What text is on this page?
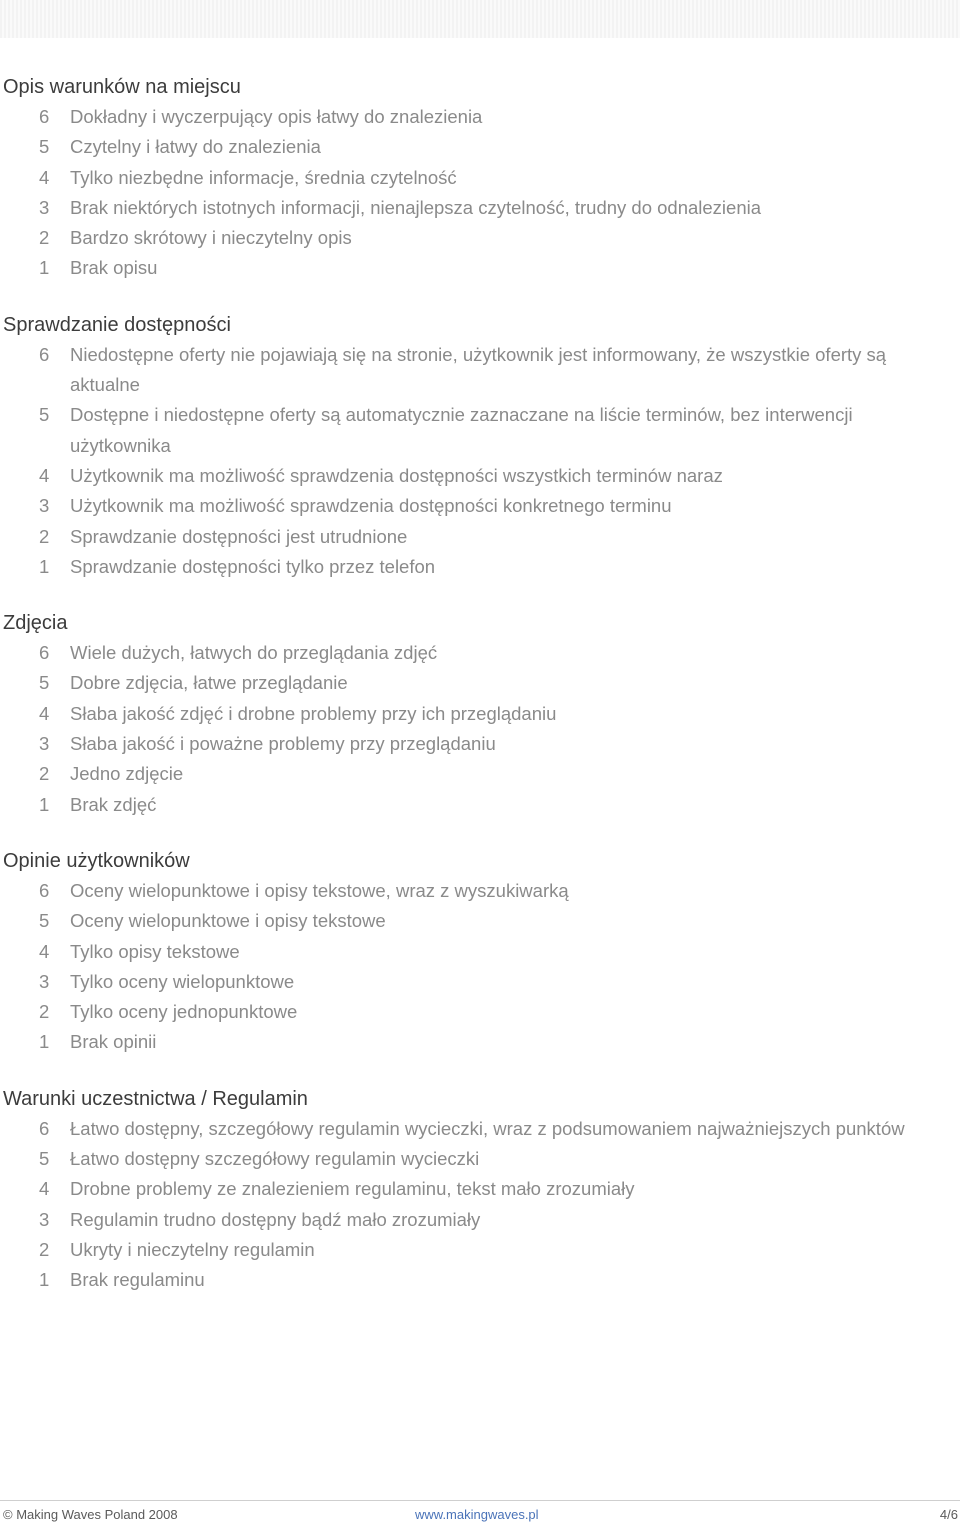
Opis warunków na miejscu
6	Dokładny i wyczerpujący opis łatwy do znalezienia
5	Czytelny i łatwy do znalezienia
4	Tylko niezbędne informacje, średnia czytelność
3	Brak niektórych istotnych informacji, nienajlepsza czytelność, trudny do odnalezienia
2	Bardzo skrótowy i nieczytelny opis
1	Brak opisu
Sprawdzanie dostępności
6	Niedostępne oferty nie pojawiają się na stronie, użytkownik jest informowany, że wszystkie oferty są aktualne
5	Dostępne i niedostępne oferty są automatycznie zaznaczane na liście terminów, bez interwencji użytkownika
4	Użytkownik ma możliwość sprawdzenia dostępności wszystkich terminów naraz
3	Użytkownik ma możliwość sprawdzenia dostępności konkretnego terminu
2	Sprawdzanie dostępności jest utrudnione
1	Sprawdzanie dostępności tylko przez telefon
Zdjęcia
6	Wiele dużych, łatwych do przeglądania zdjęć
5	Dobre zdjęcia, łatwe przeglądanie
4	Słaba jakość zdjęć i drobne problemy przy ich przeglądaniu
3	Słaba jakość i poważne problemy przy przeglądaniu
2	Jedno zdjęcie
1	Brak zdjęć
Opinie użytkowników
6	Oceny wielopunktowe i opisy tekstowe, wraz z wyszukiwarką
5	Oceny wielopunktowe i opisy tekstowe
4	Tylko opisy tekstowe
3	Tylko oceny wielopunktowe
2	Tylko oceny jednopunktowe
1	Brak opinii
Warunki uczestnictwa / Regulamin
6	Łatwo dostępny, szczegółowy regulamin wycieczki, wraz z podsumowaniem najważniejszych punktów
5	Łatwo dostępny szczegółowy regulamin wycieczki
4	Drobne problemy ze znalezieniem regulaminu, tekst mało zrozumiały
3	Regulamin trudno dostępny bądź mało zrozumiały
2	Ukryty i nieczytelny regulamin
1	Brak regulaminu
© Making Waves Poland 2008	www.makingwaves.pl	4/6
